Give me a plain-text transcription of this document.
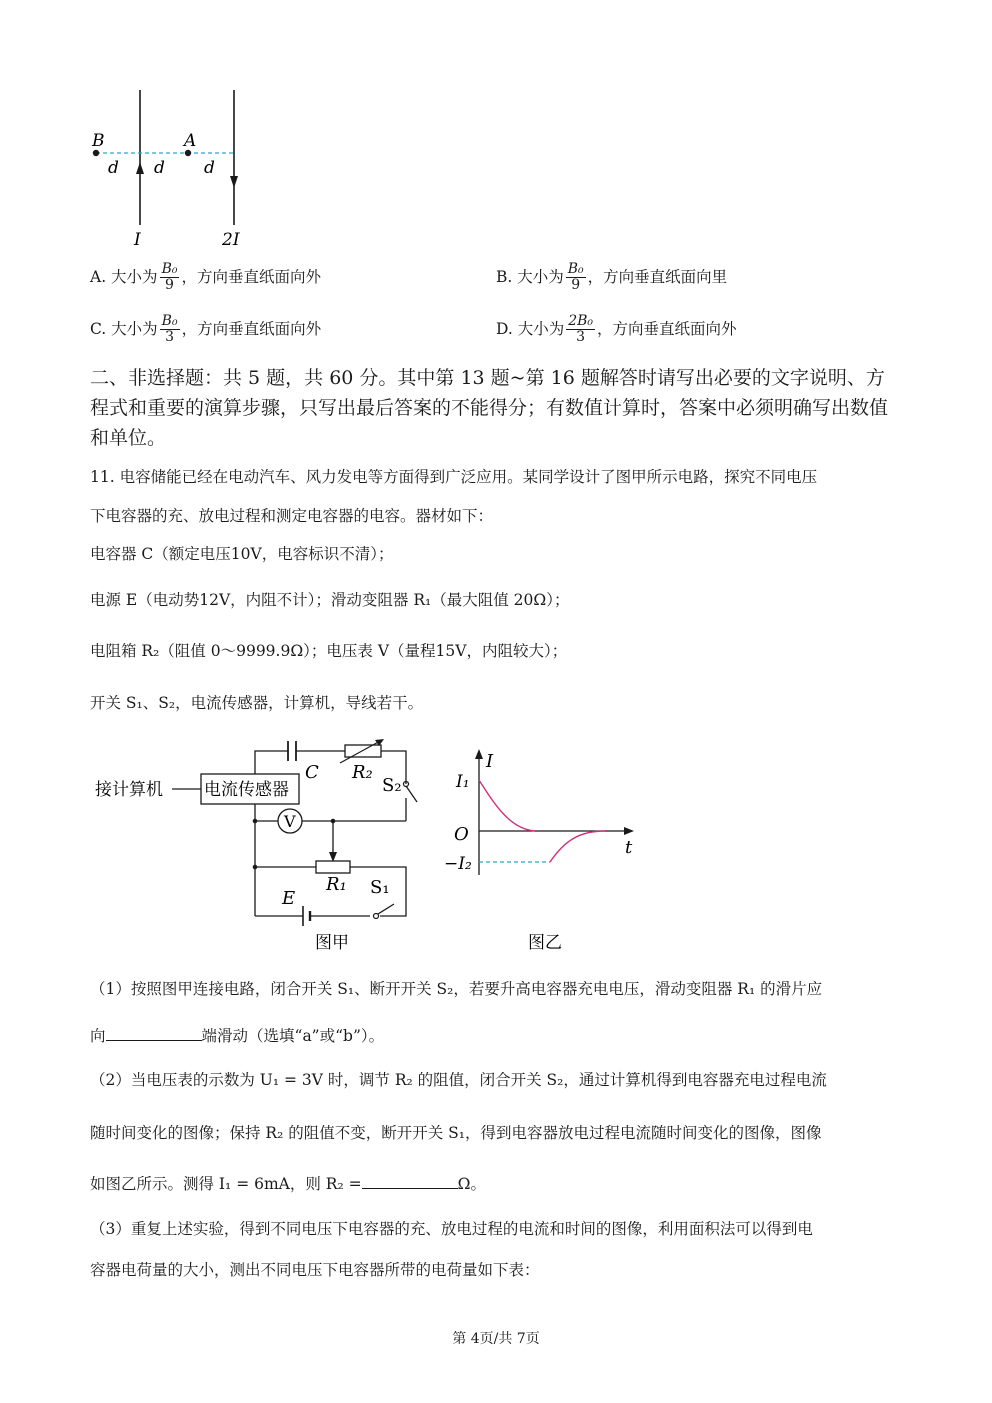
B	A
d d d
I	2I
A. 大小为 $\frac{\text{B₀}}{9}$ ，方向垂直纸面向外	B. 大小为 $\frac{\text{B₀}}{9}$ ，方向垂直纸面向里
C. 大小为 $\frac{\text{B₀}}{3}$ ，方向垂直纸面向外	D. 大小为 $\frac{\text{2B₀}}{3}$ ，方向垂直纸面向外
二、非选择题：共 5 题，共 60 分。其中第 13 题~第 16 题解答时请写出必要的文字说明、方程式和重要的演算步骤，只写出最后答案的不能得分；有数值计算时，答案中必须明确写出数值和单位。
11. 电容储能已经在电动汽车、风力发电等方面得到广泛应用。某同学设计了图甲所示电路，探究不同电压
下电容器的充、放电过程和测定电容器的电容。器材如下：
电容器 C（额定电压10V，电容标识不清）；
电源 E（电动势12V，内阻不计）；滑动变阻器 R₁（最大阻值 20Ω）；
电阻箱 R₂（阻值 0～9999.9Ω）；电压表 V（量程15V，内阻较大）；
开关 S₁、S₂，电流传感器，计算机，导线若干。
接计算机 电流传感器
C R₂
S₂
V
R₁
E
S₁
图甲
I
t
O
I₁
−I₂
图乙
（1）按照图甲连接电路，闭合开关 S₁、断开开关 S₂，若要升高电容器充电电压，滑动变阻器 R₁ 的滑片应
向	端滑动（选填“a”或“b”）。
（2）当电压表的示数为 U₁ = 3V 时，调节 R₂ 的阻值，闭合开关 S₂，通过计算机得到电容器充电过程电流
随时间变化的图像；保持 R₂ 的阻值不变，断开开关 S₁，得到电容器放电过程电流随时间变化的图像，图像
如图乙所示。测得 I₁ = 6mA，则 R₂ =	Ω。
（3）重复上述实验，得到不同电压下电容器的充、放电过程的电流和时间的图像，利用面积法可以得到电
容器电荷量的大小，测出不同电压下电容器所带的电荷量如下表：
第 4页/共 7页
